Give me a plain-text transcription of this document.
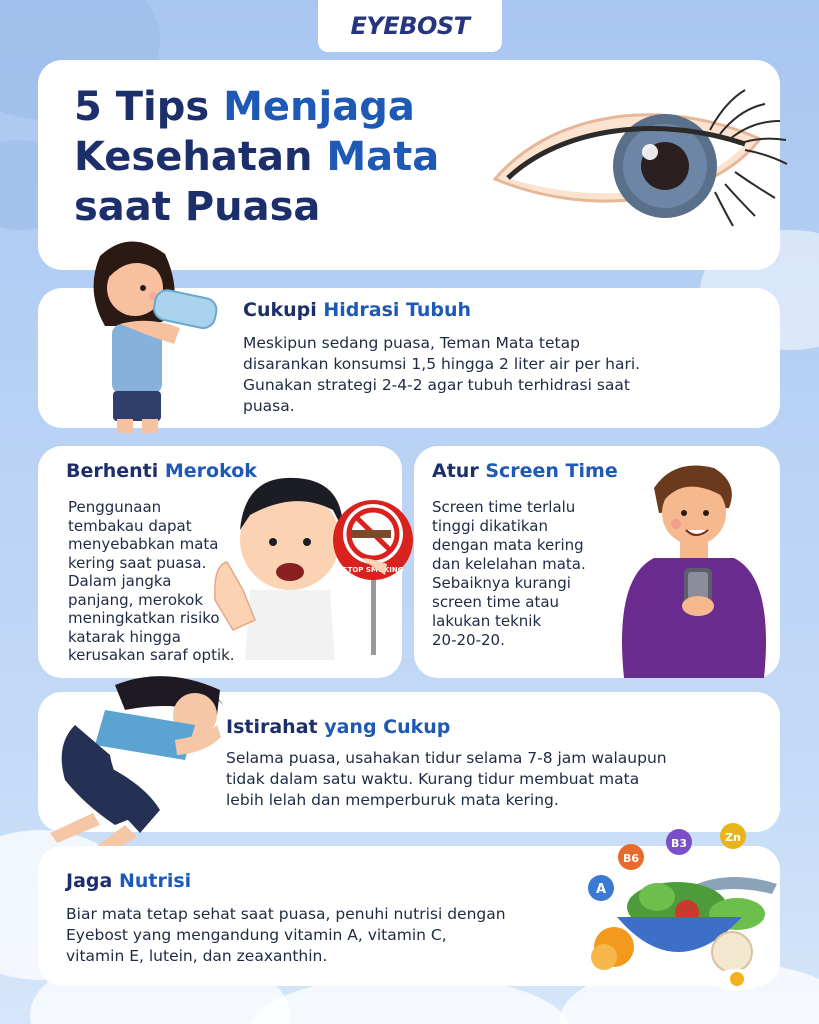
EYEBOST
5 Tips Menjaga
Kesehatan Mata
saat Puasa
Cukupi Hidrasi Tubuh
Meskipun sedang puasa, Teman Mata tetap
disarankan konsumsi 1,5 hingga 2 liter air per hari.
Gunakan strategi 2-4-2 agar tubuh terhidrasi saat
puasa.
Berhenti Merokok
Penggunaan
tembakau dapat
menyebabkan mata
kering saat puasa.
Dalam jangka
panjang, merokok
meningkatkan risiko
katarak hingga
kerusakan saraf optik.
STOP SMOKING
Atur Screen Time
Screen time terlalu
tinggi dikatikan
dengan mata kering
dan kelelahan mata.
Sebaiknya kurangi
screen time atau
lakukan teknik
20-20-20.
Istirahat yang Cukup
Selama puasa, usahakan tidur selama 7-8 jam walaupun
tidak dalam satu waktu. Kurang tidur membuat mata
lebih lelah dan memperburuk mata kering.
Jaga Nutrisi
Biar mata tetap sehat saat puasa, penuhi nutrisi dengan
Eyebost yang mengandung vitamin A, vitamin C,
vitamin E, lutein, dan zeaxanthin.
A
B6
B3	Zn
